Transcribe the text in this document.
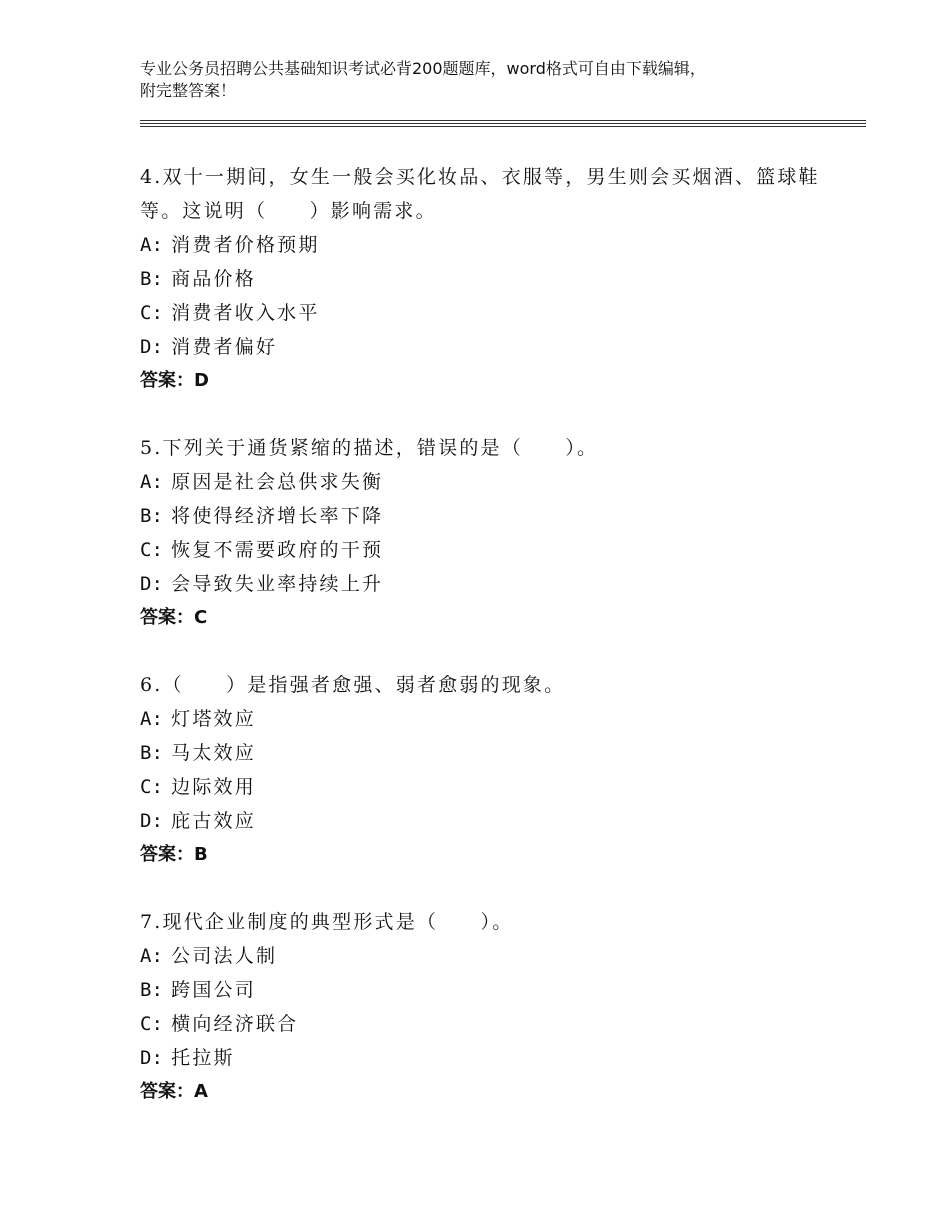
专业公务员招聘公共基础知识考试必背200题题库，word格式可自由下载编辑，
附完整答案！
4.双十一期间，女生一般会买化妆品、衣服等，男生则会买烟酒、篮球鞋等。这说明（　　）影响需求。
A: 消费者价格预期
B: 商品价格
C: 消费者收入水平
D: 消费者偏好
答案：D
5.下列关于通货紧缩的描述，错误的是（　　）。
A: 原因是社会总供求失衡
B: 将使得经济增长率下降
C: 恢复不需要政府的干预
D: 会导致失业率持续上升
答案：C
6.（　　）是指强者愈强、弱者愈弱的现象。
A: 灯塔效应
B: 马太效应
C: 边际效用
D: 庇古效应
答案：B
7.现代企业制度的典型形式是（　　）。
A: 公司法人制
B: 跨国公司
C: 横向经济联合
D: 托拉斯
答案：A
